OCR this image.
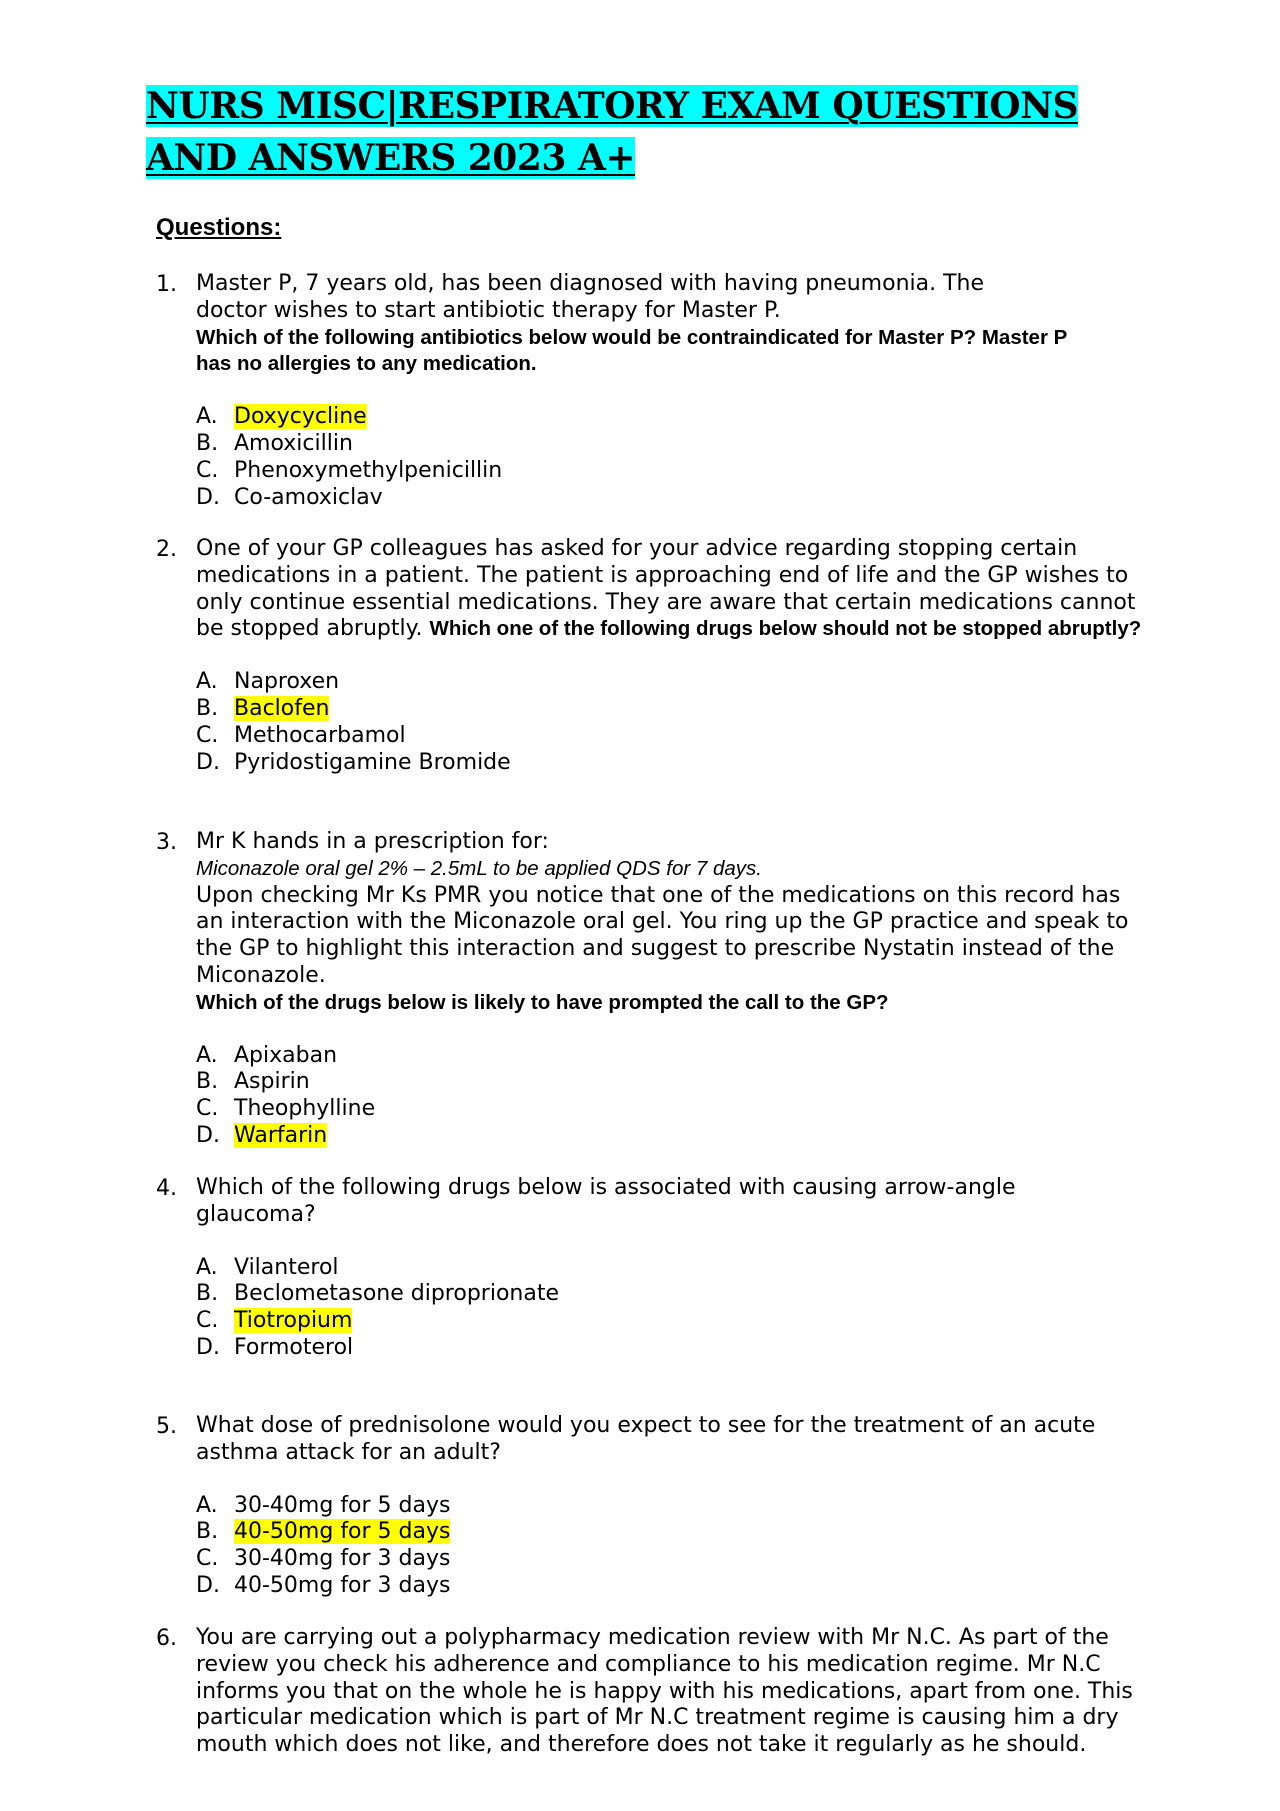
NURS MISC|RESPIRATORY EXAM QUESTIONS AND ANSWERS 2023 A+
Questions:
1. Master P, 7 years old, has been diagnosed with having pneumonia. The doctor wishes to start antibiotic therapy for Master P.

Which of the following antibiotics below would be contraindicated for Master P? Master P has no allergies to any medication.
A. Doxycycline
B. Amoxicillin
C. Phenoxymethylpenicillin
D. Co-amoxiclav
2. One of your GP colleagues has asked for your advice regarding stopping certain medications in a patient. The patient is approaching end of life and the GP wishes to only continue essential medications. They are aware that certain medications cannot be stopped abruptly. Which one of the following drugs below should not be stopped abruptly?

A. Naproxen
B. Baclofen
C. Methocarbamol
D. Pyridostigamine Bromide
3. Mr K hands in a prescription for:

Miconazole oral gel 2% – 2.5mL to be applied QDS for 7 days.

Upon checking Mr Ks PMR you notice that one of the medications on this record has an interaction with the Miconazole oral gel. You ring up the GP practice and speak to the GP to highlight this interaction and suggest to prescribe Nystatin instead of the Miconazole.

Which of the drugs below is likely to have prompted the call to the GP?
A. Apixaban
B. Aspirin
C. Theophylline
D. Warfarin
4. Which of the following drugs below is associated with causing arrow-angle glaucoma?

A. Vilanterol
B. Beclometasone diproprionate
C. Tiotropium
D. Formoterol
5. What dose of prednisolone would you expect to see for the treatment of an acute asthma attack for an adult?

A. 30-40mg for 5 days
B. 40-50mg for 5 days
C. 30-40mg for 3 days
D. 40-50mg for 3 days
6. You are carrying out a polypharmacy medication review with Mr N.C. As part of the review you check his adherence and compliance to his medication regime. Mr N.C informs you that on the whole he is happy with his medications, apart from one. This particular medication which is part of Mr N.C treatment regime is causing him a dry mouth which does not like, and therefore does not take it regularly as he should.
